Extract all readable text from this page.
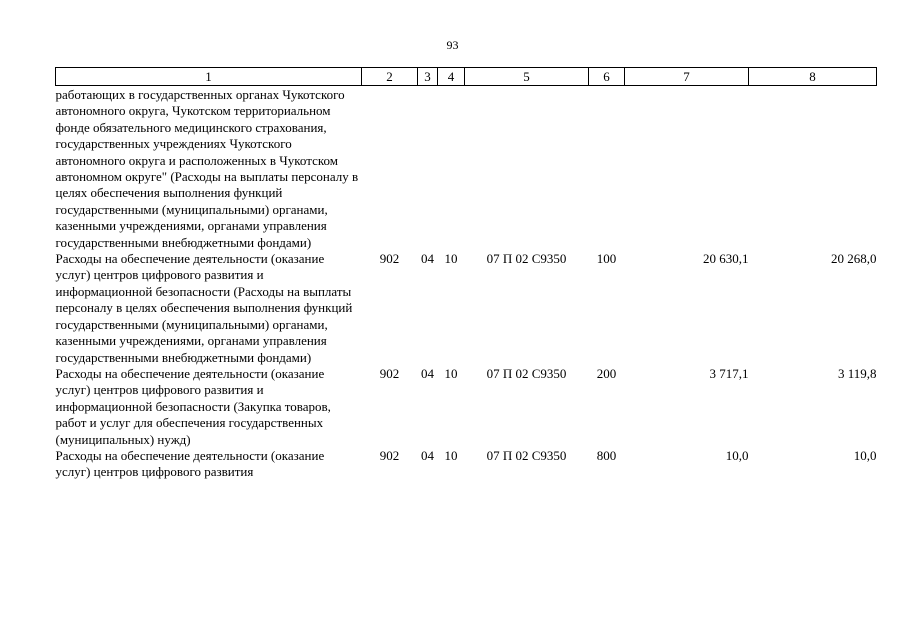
93
1	2	3	4	5	6	7	8
работающих в государственных органах Чукотского автономного округа, Чукотском территориальном фонде обязательного медицинского страхования, государственных учреждениях Чукотского автономного округа и расположенных в Чукотском автономном округе" (Расходы на выплаты персоналу в целях обеспечения выполнения функций государственными (муниципальными) органами, казенными учреждениями, органами управления государственными внебюджетными фондами)							
Расходы на обеспечение деятельности (оказание услуг) центров цифрового развития и информационной безопасности (Расходы на выплаты персоналу в целях обеспечения выполнения функций государственными (муниципальными) органами, казенными учреждениями, органами управления государственными внебюджетными фондами)	902	04	10	07 П 02 С9350	100	20 630,1	20 268,0
Расходы на обеспечение деятельности (оказание услуг) центров цифрового развития и информационной безопасности (Закупка товаров, работ и услуг для обеспечения государственных (муниципальных) нужд)	902	04	10	07 П 02 С9350	200	3 717,1	3 119,8
Расходы на обеспечение деятельности (оказание услуг) центров цифрового развития	902	04	10	07 П 02 С9350	800	10,0	10,0
